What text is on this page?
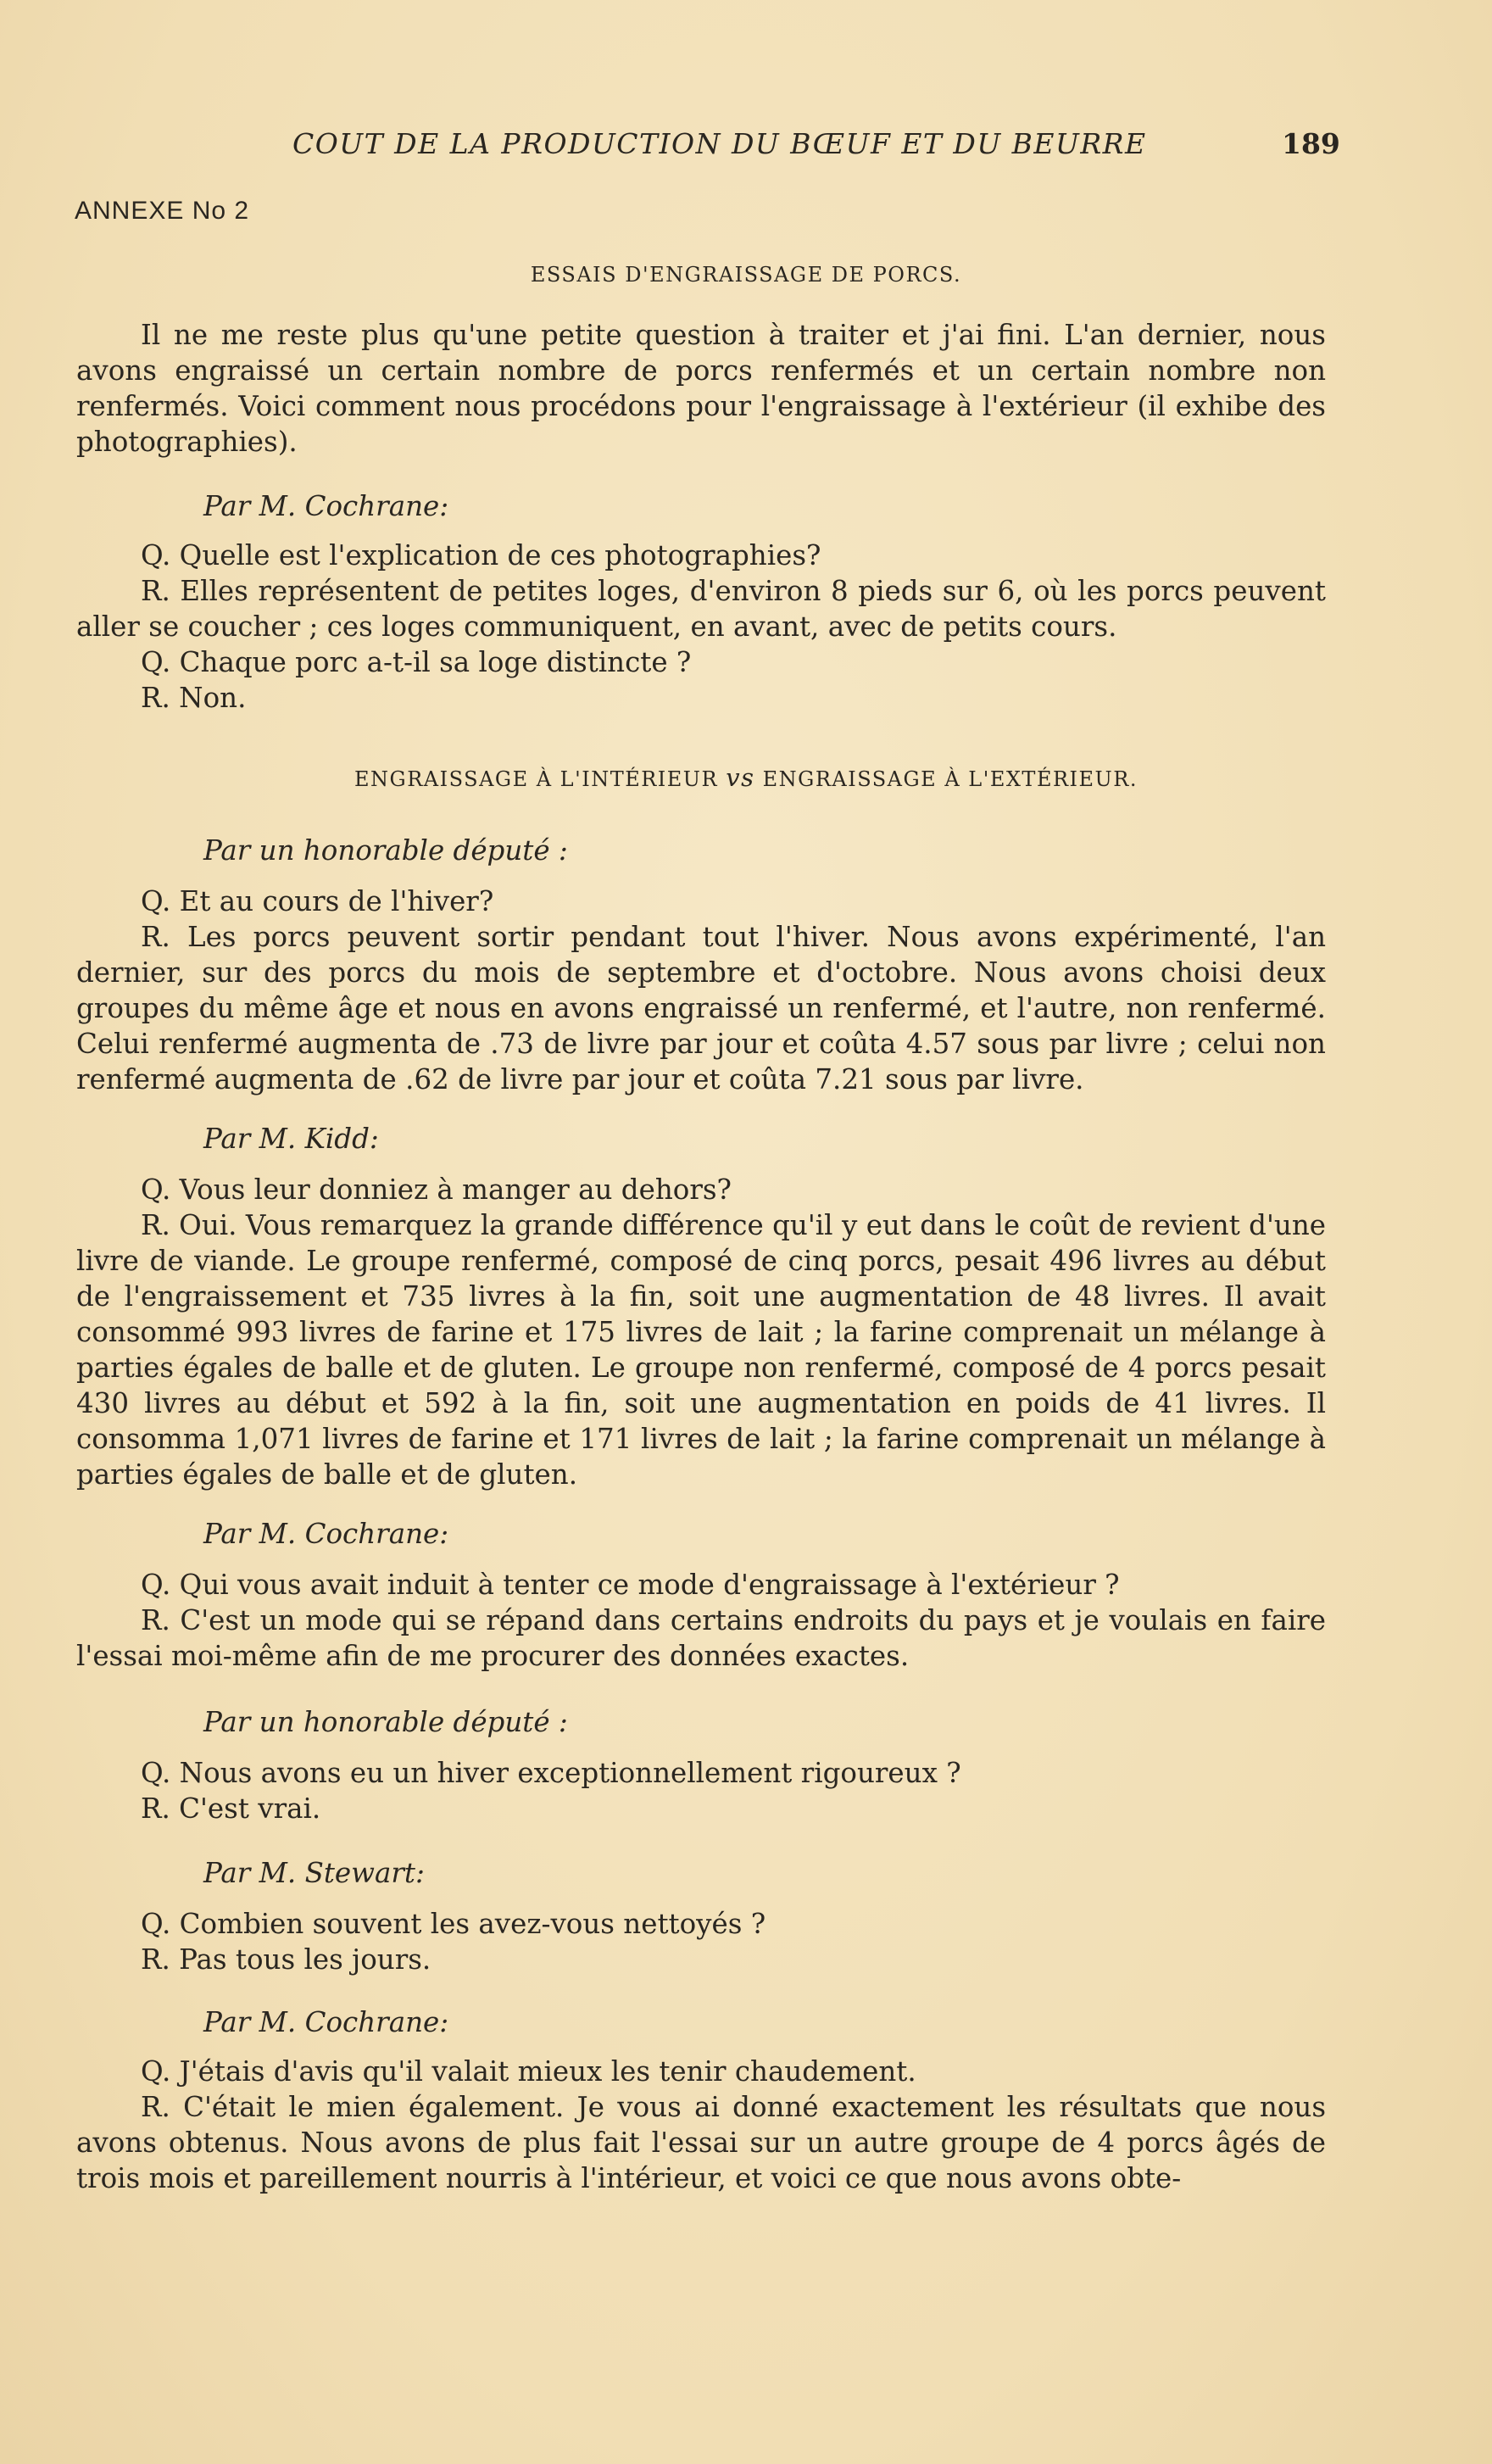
COUT DE LA PRODUCTION DU BŒUF ET DU BEURRE	189
ANNEXE No 2
ESSAIS D'ENGRAISSAGE DE PORCS.

Il ne me reste plus qu'une petite question à traiter et j'ai fini. L'an dernier, nous avons engraissé un certain nombre de porcs renfermés et un certain nombre non renfermés. Voici comment nous procédons pour l'engraissage à l'extérieur (il exhibe des photographies).

Par M. Cochrane:

Q. Quelle est l'explication de ces photographies?

R. Elles représentent de petites loges, d'environ 8 pieds sur 6, où les porcs peuvent aller se coucher ; ces loges communiquent, en avant, avec de petits cours.

Q. Chaque porc a-t-il sa loge distincte ?

R. Non.

ENGRAISSAGE À L'INTÉRIEUR vs ENGRAISSAGE À L'EXTÉRIEUR.
Par un honorable député :

Q. Et au cours de l'hiver?

R. Les porcs peuvent sortir pendant tout l'hiver. Nous avons expérimenté, l'an dernier, sur des porcs du mois de septembre et d'octobre. Nous avons choisi deux groupes du même âge et nous en avons engraissé un renfermé, et l'autre, non renfermé. Celui renfermé augmenta de .73 de livre par jour et coûta 4.57 sous par livre ; celui non renfermé augmenta de .62 de livre par jour et coûta 7.21 sous par livre.

Par M. Kidd:

Q. Vous leur donniez à manger au dehors?

R. Oui. Vous remarquez la grande différence qu'il y eut dans le coût de revient d'une livre de viande. Le groupe renfermé, composé de cinq porcs, pesait 496 livres au début de l'engraissement et 735 livres à la fin, soit une augmentation de 48 livres. Il avait consommé 993 livres de farine et 175 livres de lait ; la farine comprenait un mélange à parties égales de balle et de gluten. Le groupe non renfermé, composé de 4 porcs pesait 430 livres au début et 592 à la fin, soit une augmentation en poids de 41 livres. Il consomma 1,071 livres de farine et 171 livres de lait ; la farine comprenait un mélange à parties égales de balle et de gluten.

Par M. Cochrane:

Q. Qui vous avait induit à tenter ce mode d'engraissage à l'extérieur ?

R. C'est un mode qui se répand dans certains endroits du pays et je voulais en faire l'essai moi-même afin de me procurer des données exactes.

Par un honorable député :

Q. Nous avons eu un hiver exceptionnellement rigoureux ?

R. C'est vrai.

Par M. Stewart:

Q. Combien souvent les avez-vous nettoyés ?

R. Pas tous les jours.

Par M. Cochrane:

Q. J'étais d'avis qu'il valait mieux les tenir chaudement.

R. C'était le mien également. Je vous ai donné exactement les résultats que nous avons obtenus. Nous avons de plus fait l'essai sur un autre groupe de 4 porcs âgés de trois mois et pareillement nourris à l'intérieur, et voici ce que nous avons obte-
